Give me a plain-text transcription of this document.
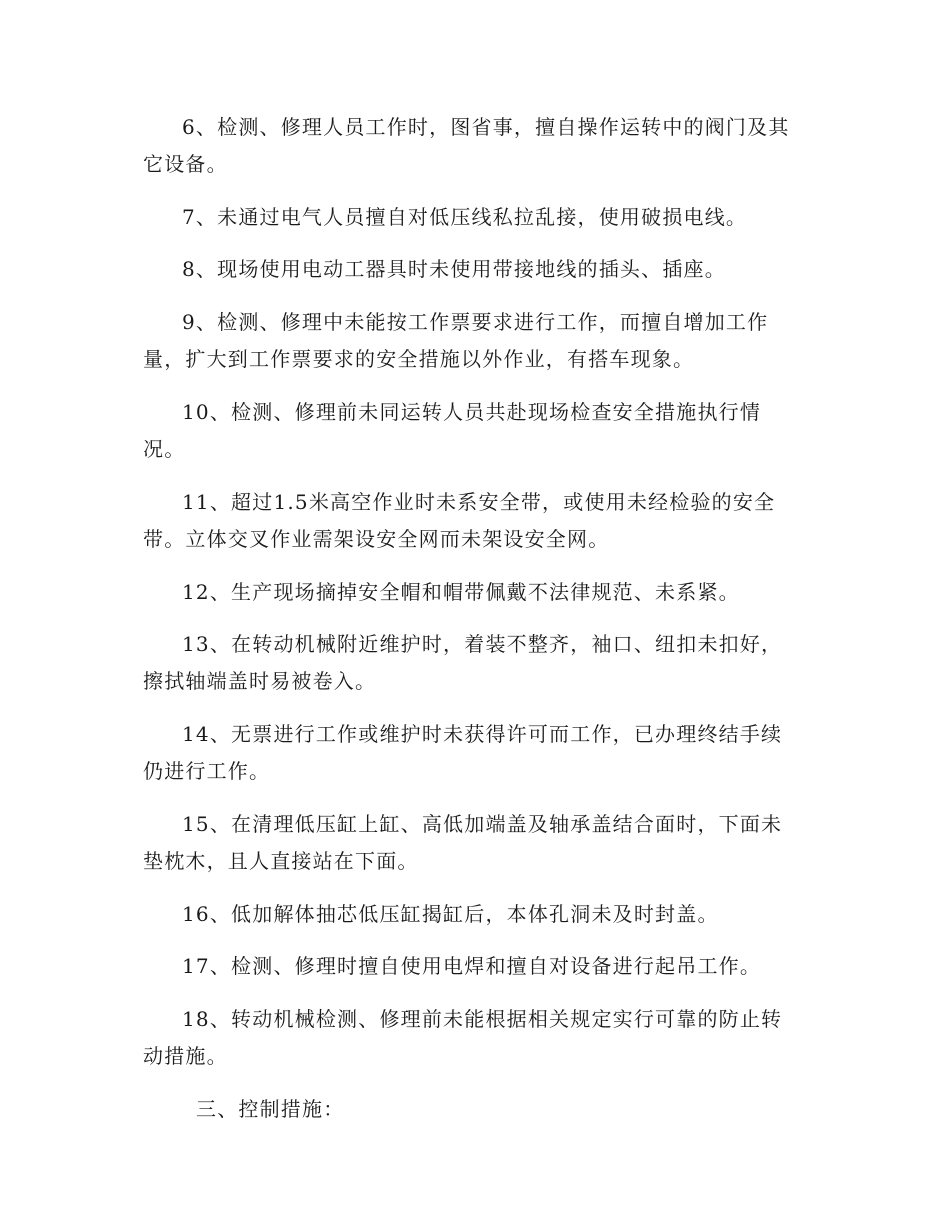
6、检测、修理人员工作时，图省事，擅自操作运转中的阀门及其
它设备。
7、未通过电气人员擅自对低压线私拉乱接，使用破损电线。
8、现场使用电动工器具时未使用带接地线的插头、插座。
9、检测、修理中未能按工作票要求进行工作，而擅自增加工作
量，扩大到工作票要求的安全措施以外作业，有搭车现象。
10、检测、修理前未同运转人员共赴现场检查安全措施执行情
况。
11、超过1.5米高空作业时未系安全带，或使用未经检验的安全
带。立体交叉作业需架设安全网而未架设安全网。
12、生产现场摘掉安全帽和帽带佩戴不法律规范、未系紧。
13、在转动机械附近维护时，着装不整齐，袖口、纽扣未扣好，
擦拭轴端盖时易被卷入。
14、无票进行工作或维护时未获得许可而工作，已办理终结手续
仍进行工作。
15、在清理低压缸上缸、高低加端盖及轴承盖结合面时，下面未
垫枕木，且人直接站在下面。
16、低加解体抽芯低压缸揭缸后，本体孔洞未及时封盖。
17、检测、修理时擅自使用电焊和擅自对设备进行起吊工作。
18、转动机械检测、修理前未能根据相关规定实行可靠的防止转
动措施。
三、控制措施：
